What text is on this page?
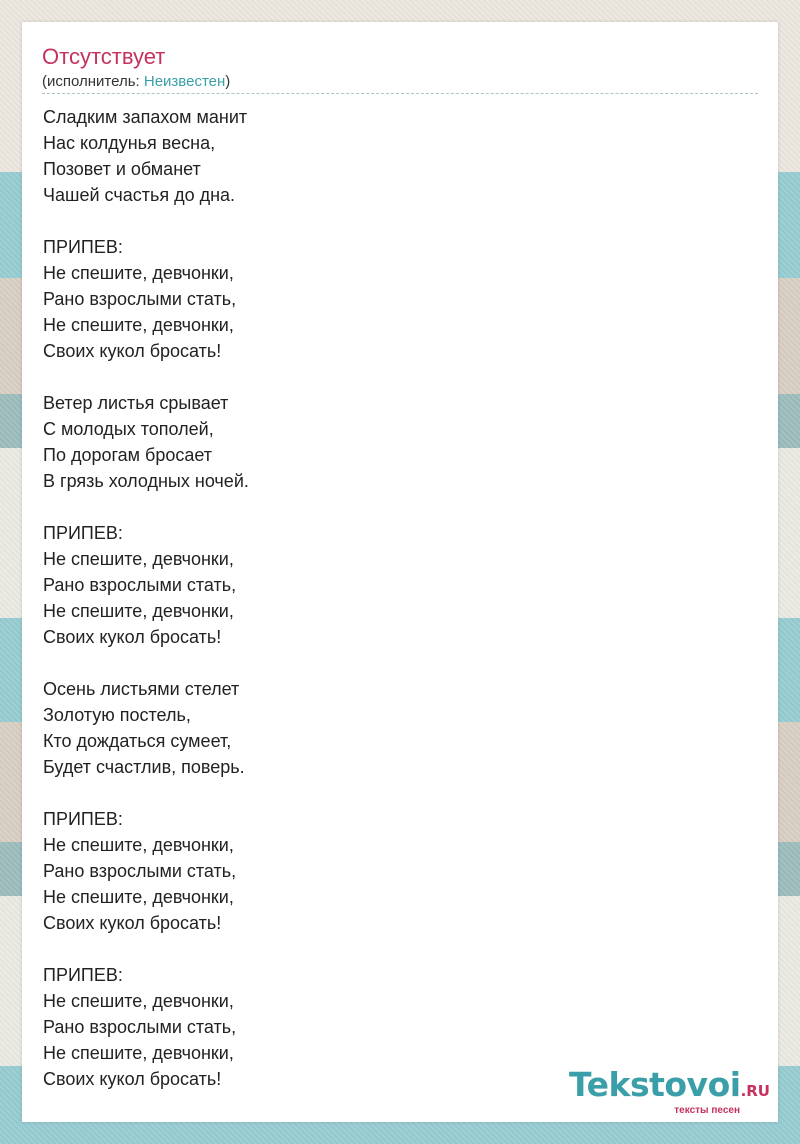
Отсутствует
(исполнитель: Неизвестен)
Сладким запахом манит
Нас колдунья весна,
Позовет и обманет
Чашей счастья до дна.
ПРИПЕВ:
Не спешите, девчонки,
Рано взрослыми стать,
Не спешите, девчонки,
Своих кукол бросать!
Ветер листья срывает
С молодых тополей,
По дорогам бросает
В грязь холодных ночей.
ПРИПЕВ:
Не спешите, девчонки,
Рано взрослыми стать,
Не спешите, девчонки,
Своих кукол бросать!
Осень листьями стелет
Золотую постель,
Кто дождаться сумеет,
Будет счастлив, поверь.
ПРИПЕВ:
Не спешите, девчонки,
Рано взрослыми стать,
Не спешите, девчонки,
Своих кукол бросать!
ПРИПЕВ:
Не спешите, девчонки,
Рано взрослыми стать,
Не спешите, девчонки,
Своих кукол бросать!	Tekstovoi.RU
тексты песен
